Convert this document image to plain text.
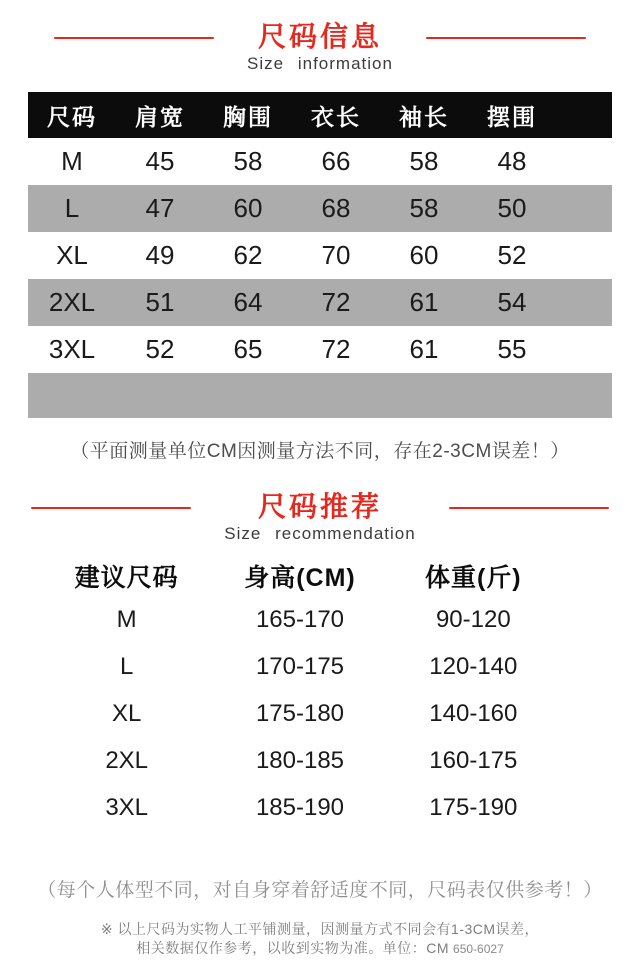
尺码信息
Size information
尺码	肩宽	胸围	衣长	袖长	摆围
M	45	58	66	58	48
L	47	60	68	58	50
XL	49	62	70	60	52
2XL	51	64	72	61	54
3XL	52	65	72	61	55
（平面测量单位CM因测量方法不同，存在2-3CM误差！）
尺码推荐
Size recommendation
建议尺码	身高(CM)	体重(斤)
M	165-170	90-120
L	170-175	120-140
XL	175-180	140-160
2XL	180-185	160-175
3XL	185-190	175-190
（每个人体型不同，对自身穿着舒适度不同，尺码表仅供参考！）
※ 以上尺码为实物人工平铺测量，因测量方式不同会有1-3CM误差，
相关数据仅作参考，以收到实物为准。单位：CM 650-6027
